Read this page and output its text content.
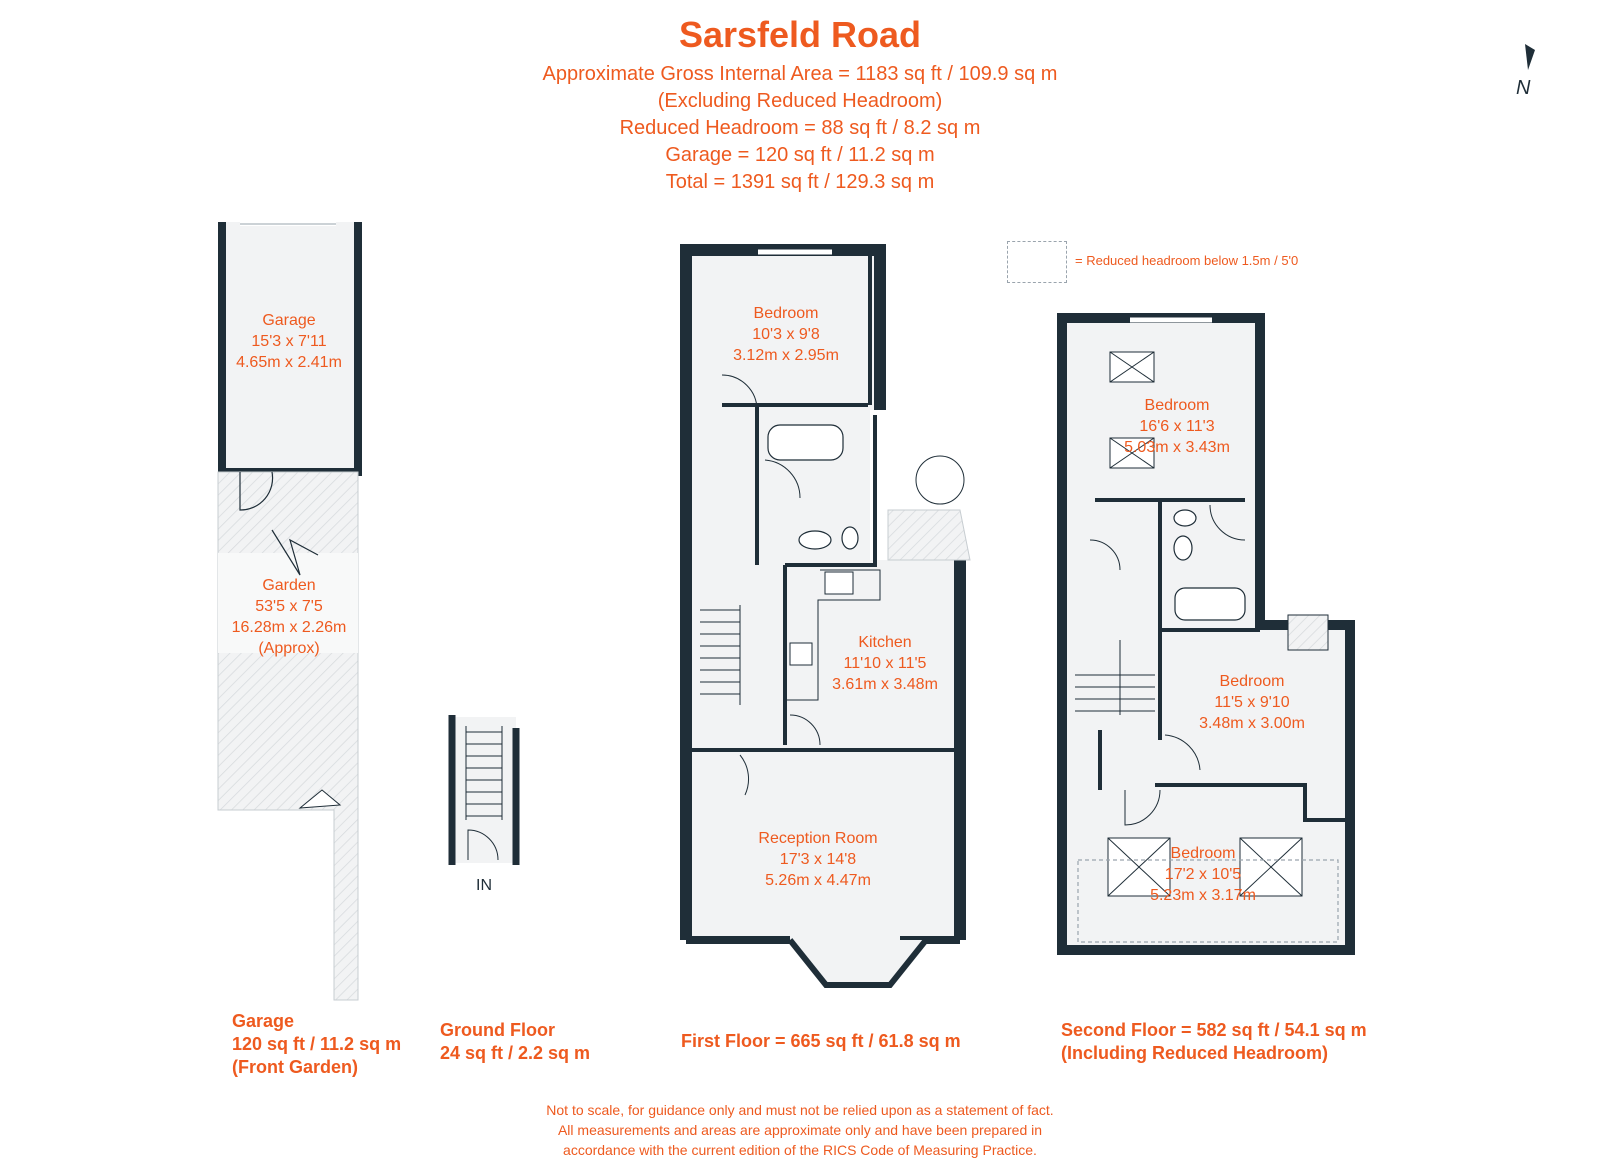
Sarsfeld Road
Approximate Gross Internal Area = 1183 sq ft / 109.9 sq m
(Excluding Reduced Headroom)
Reduced Headroom = 88 sq ft / 8.2 sq m
Garage = 120 sq ft / 11.2 sq m
Total = 1391 sq ft / 129.3 sq m
N
= Reduced headroom below 1.5m / 5'0
Garage
15'3 x 7'11
4.65m x 2.41m
Garden
53'5 x 7'5
16.28m x 2.26m
(Approx)
IN
Bedroom
10'3 x 9'8
3.12m x 2.95m
Kitchen
11'10 x 11'5
3.61m x 3.48m
Reception Room
17'3 x 14'8
5.26m x 4.47m
Bedroom
16'6 x 11'3
5.03m x 3.43m
Bedroom
11'5 x 9'10
3.48m x 3.00m
Bedroom
17'2 x 10'5
5.23m x 3.17m
Garage
120 sq ft / 11.2 sq m
(Front Garden)
Ground Floor
24 sq ft / 2.2 sq m
First Floor = 665 sq ft / 61.8 sq m
Second Floor = 582 sq ft / 54.1 sq m
(Including Reduced Headroom)
Not to scale, for guidance only and must not be relied upon as a statement of fact.
All measurements and areas are approximate only and have been prepared in
accordance with the current edition of the RICS Code of Measuring Practice.
